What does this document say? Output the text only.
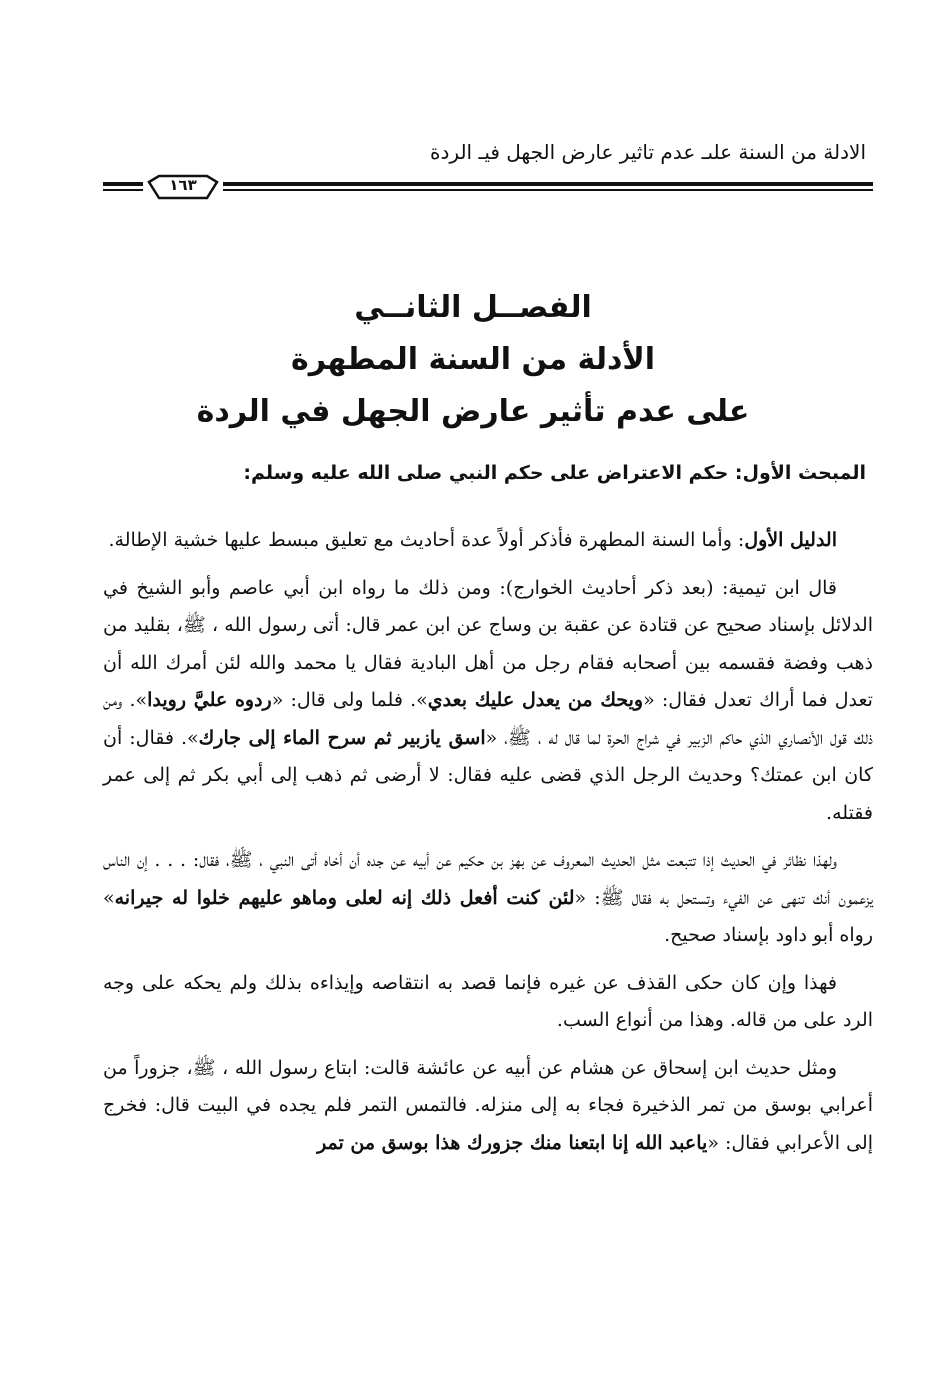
الادلة من السنة علىـ عدم تاثير عارض الجهل فيـ الردة
١٦٣
الفصــل الثانــي
الأدلة من السنة المطهرة
على عدم تأثير عارض الجهل في الردة
المبحث الأول: حكم الاعتراض على حكم النبي صلى الله عليه وسلم:

الدليل الأول: وأما السنة المطهرة فأذكر أولاً عدة أحاديث مع تعليق مبسط عليها خشية الإطالة.

قال ابن تيمية: (بعد ذكر أحاديث الخوارج): ومن ذلك ما رواه ابن أبي عاصم وأبو الشيخ في الدلائل بإسناد صحيح عن قتادة عن عقبة بن وساج عن ابن عمر قال: أتى رسول الله ، ﷺ، بقليد من ذهب وفضة فقسمه بين أصحابه فقام رجل من أهل البادية فقال يا محمد والله لئن أمرك الله أن تعدل فما أراك تعدل فقال: «ويحك من يعدل عليك بعدي». فلما ولى قال: «ردوه عليَّ رويدا». ومن ذلك قول الأنصاري الذي حاكم الزبير في شراج الحرة لما قال له ، ﷺ، «اسق يازبير ثم سرح الماء إلى جارك». فقال: أن كان ابن عمتك؟ وحديث الرجل الذي قضى عليه فقال: لا أرضى ثم ذهب إلى أبي بكر ثم إلى عمر فقتله.

ولهذا نظائر في الحديث إذا تتبعت مثل الحديث المعروف عن بهز بن حكيم عن أبيه عن جده أن أخاه أتى النبي ، ﷺ، فقال: . . . إن الناس يزعمون أنك تنهى عن الفيء وتستحل به فقال ﷺ: «لئن كنت أفعل ذلك إنه لعلى وماهو عليهم خلوا له جيرانه» رواه أبو داود بإسناد صحيح.

فهذا وإن كان حكى القذف عن غيره فإنما قصد به انتقاصه وإيذاءه بذلك ولم يحكه على وجه الرد على من قاله. وهذا من أنواع السب.

ومثل حديث ابن إسحاق عن هشام عن أبيه عن عائشة قالت: ابتاع رسول الله ، ﷺ، جزوراً من أعرابي بوسق من تمر الذخيرة فجاء به إلى منزله. فالتمس التمر فلم يجده في البيت قال: فخرج إلى الأعرابي فقال: «ياعبد الله إنا ابتعنا منك جزورك هذا بوسق من تمر
